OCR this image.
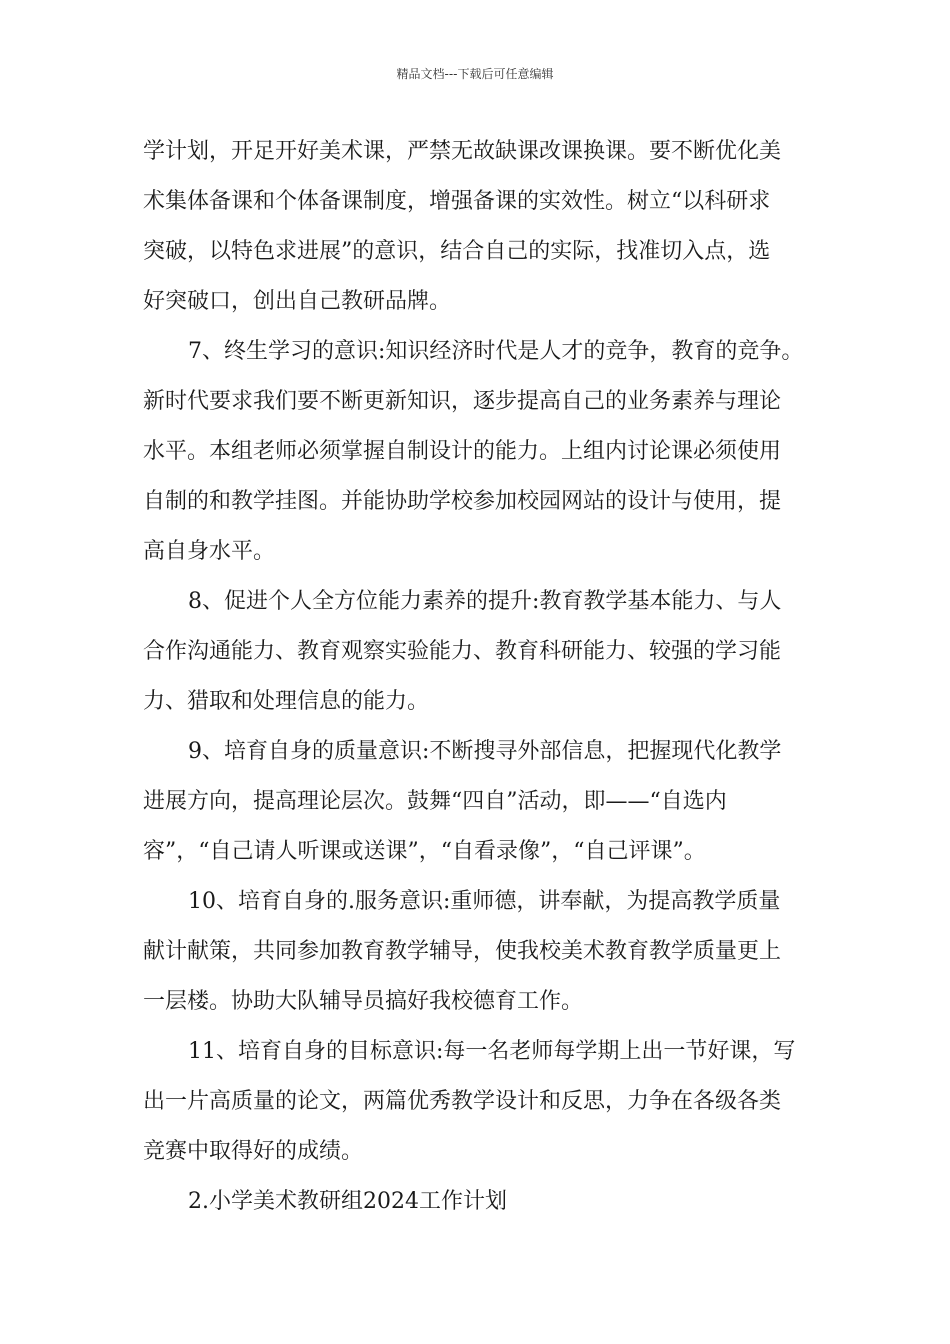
精品文档---下载后可任意编辑
学计划，开足开好美术课，严禁无故缺课改课换课。要不断优化美
术集体备课和个体备课制度，增强备课的实效性。树立“以科研求
突破，以特色求进展”的意识，结合自己的实际，找准切入点，选
好突破口，创出自己教研品牌。
7、终生学习的意识:知识经济时代是人才的竞争，教育的竞争。
新时代要求我们要不断更新知识，逐步提高自己的业务素养与理论
水平。本组老师必须掌握自制设计的能力。上组内讨论课必须使用
自制的和教学挂图。并能协助学校参加校园网站的设计与使用，提
高自身水平。
8、促进个人全方位能力素养的提升:教育教学基本能力、与人
合作沟通能力、教育观察实验能力、教育科研能力、较强的学习能
力、猎取和处理信息的能力。
9、培育自身的质量意识:不断搜寻外部信息，把握现代化教学
进展方向，提高理论层次。鼓舞“四自”活动，即——“自选内
容”，“自己请人听课或送课”，“自看录像”，“自己评课”。
10、培育自身的.服务意识:重师德，讲奉献，为提高教学质量
献计献策，共同参加教育教学辅导，使我校美术教育教学质量更上
一层楼。协助大队辅导员搞好我校德育工作。
11、培育自身的目标意识:每一名老师每学期上出一节好课，写
出一片高质量的论文，两篇优秀教学设计和反思，力争在各级各类
竞赛中取得好的成绩。
2.小学美术教研组2024工作计划
